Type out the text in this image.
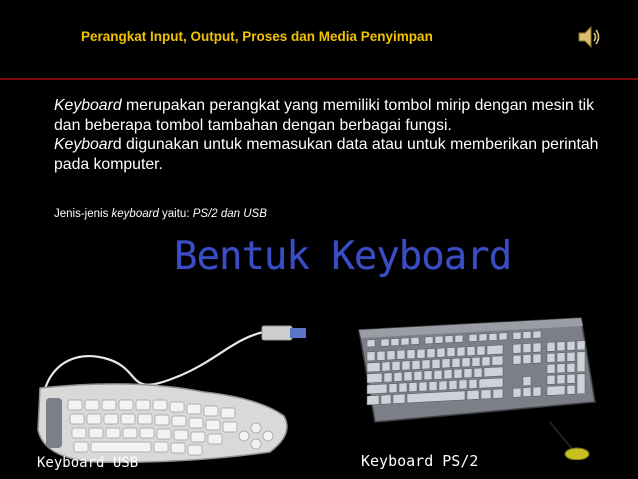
Perangkat Input, Output, Proses dan Media Penyimpan

Keyboard merupakan perangkat yang memiliki tombol mirip dengan mesin tik dan beberapa tombol tambahan dengan berbagai fungsi.

Keyboard digunakan untuk memasukan data atau untuk memberikan perintah pada komputer.

Jenis-jenis keyboard yaitu: PS/2 dan USB
Bentuk Keyboard
Keyboard USB	Keyboard PS/2
